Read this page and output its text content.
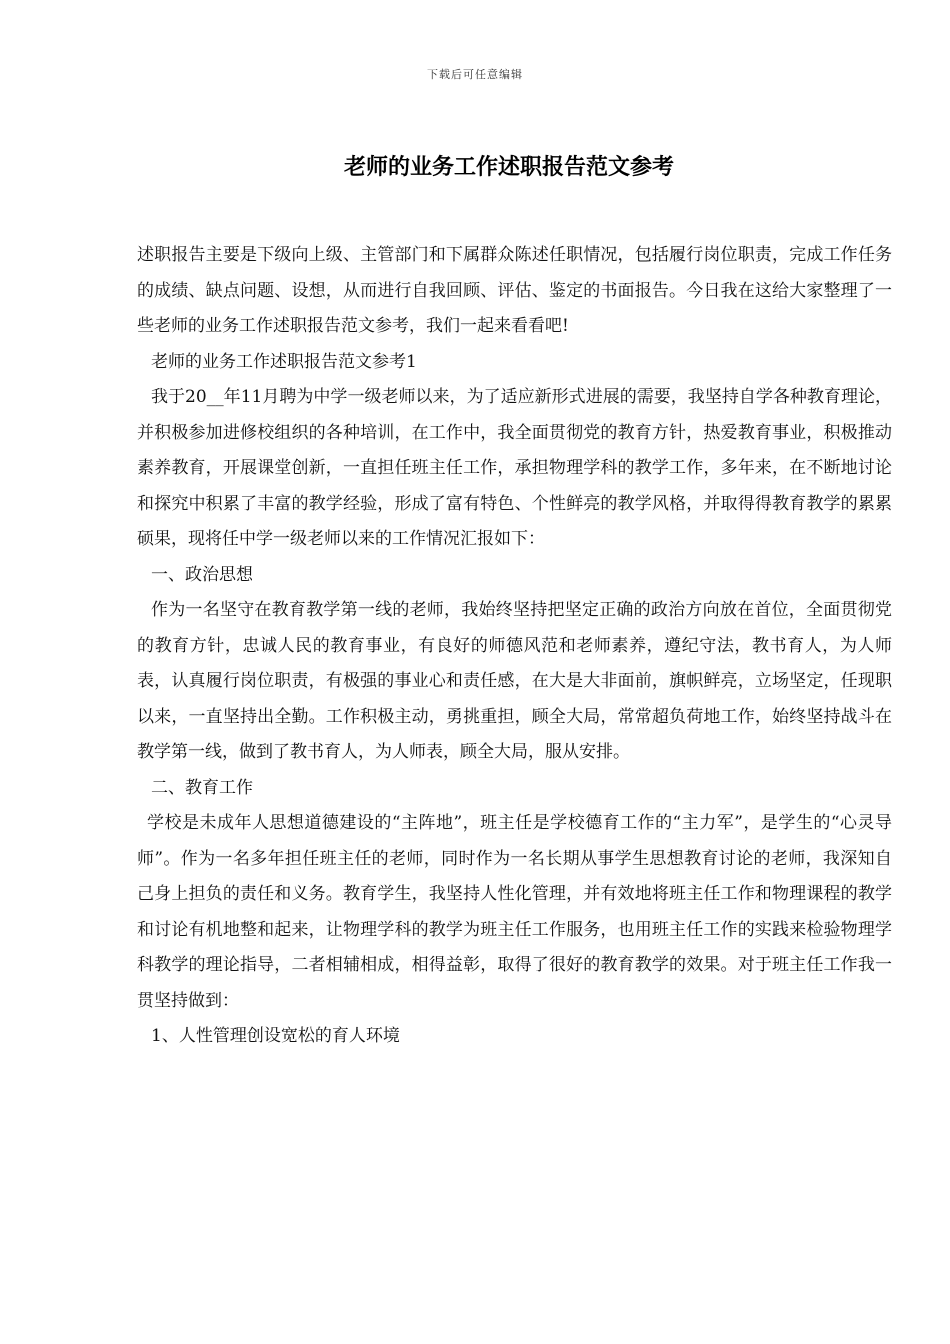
下载后可任意编辑
老师的业务工作述职报告范文参考

述职报告主要是下级向上级、主管部门和下属群众陈述任职情况，包括履行岗位职责，完成工作任务的成绩、缺点问题、设想，从而进行自我回顾、评估、鉴定的书面报告。今日我在这给大家整理了一些老师的业务工作述职报告范文参考，我们一起来看看吧!

老师的业务工作述职报告范文参考1

我于20__年11月聘为中学一级老师以来，为了适应新形式进展的需要，我坚持自学各种教育理论，并积极参加进修校组织的各种培训，在工作中，我全面贯彻党的教育方针，热爱教育事业，积极推动素养教育，开展课堂创新，一直担任班主任工作，承担物理学科的教学工作，多年来，在不断地讨论和探究中积累了丰富的教学经验，形成了富有特色、个性鲜亮的教学风格，并取得得教育教学的累累硕果，现将任中学一级老师以来的工作情况汇报如下：

一、政治思想

作为一名坚守在教育教学第一线的老师，我始终坚持把坚定正确的政治方向放在首位，全面贯彻党的教育方针，忠诚人民的教育事业，有良好的师德风范和老师素养，遵纪守法，教书育人，为人师表，认真履行岗位职责，有极强的事业心和责任感，在大是大非面前，旗帜鲜亮，立场坚定，任现职以来，一直坚持出全勤。工作积极主动，勇挑重担，顾全大局，常常超负荷地工作，始终坚持战斗在教学第一线，做到了教书育人，为人师表，顾全大局，服从安排。

二、教育工作

学校是未成年人思想道德建设的“主阵地”，班主任是学校德育工作的“主力军”，是学生的“心灵导师”。作为一名多年担任班主任的老师，同时作为一名长期从事学生思想教育讨论的老师，我深知自己身上担负的责任和义务。教育学生，我坚持人性化管理，并有效地将班主任工作和物理课程的教学和讨论有机地整和起来，让物理学科的教学为班主任工作服务，也用班主任工作的实践来检验物理学科教学的理论指导，二者相辅相成，相得益彰，取得了很好的教育教学的效果。对于班主任工作我一贯坚持做到：

1、人性管理创设宽松的育人环境
